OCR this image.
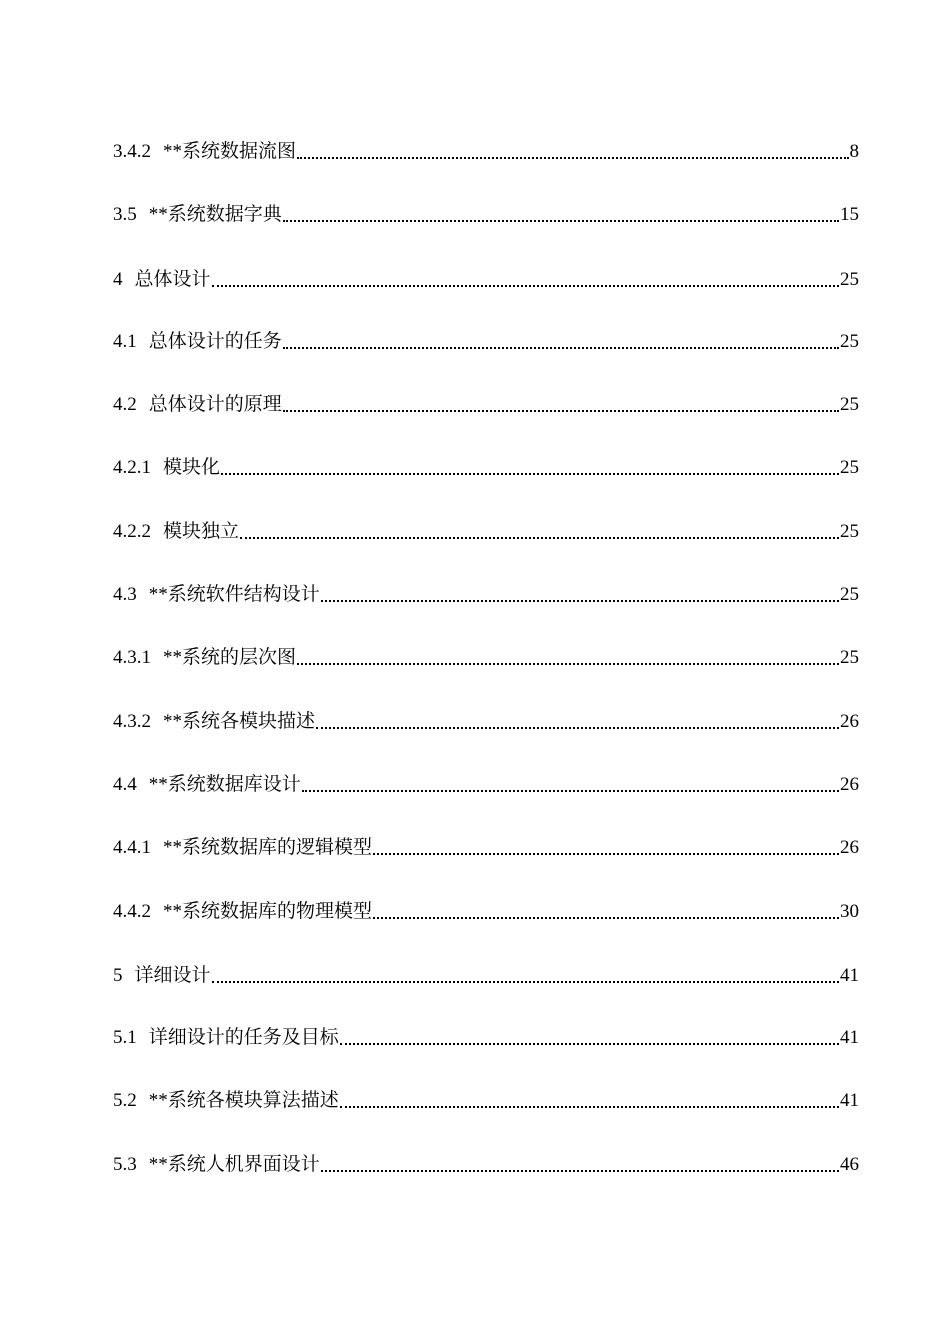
3.4.2 **系统数据流图	8
3.5 **系统数据字典	15
4 总体设计	25
4.1 总体设计的任务	25
4.2 总体设计的原理	25
4.2.1 模块化	25
4.2.2 模块独立	25
4.3 **系统软件结构设计	25
4.3.1 **系统的层次图	25
4.3.2 **系统各模块描述	26
4.4 **系统数据库设计	26
4.4.1 **系统数据库的逻辑模型	26
4.4.2 **系统数据库的物理模型	30
5 详细设计	41
5.1 详细设计的任务及目标	41
5.2 **系统各模块算法描述	41
5.3 **系统人机界面设计	46
